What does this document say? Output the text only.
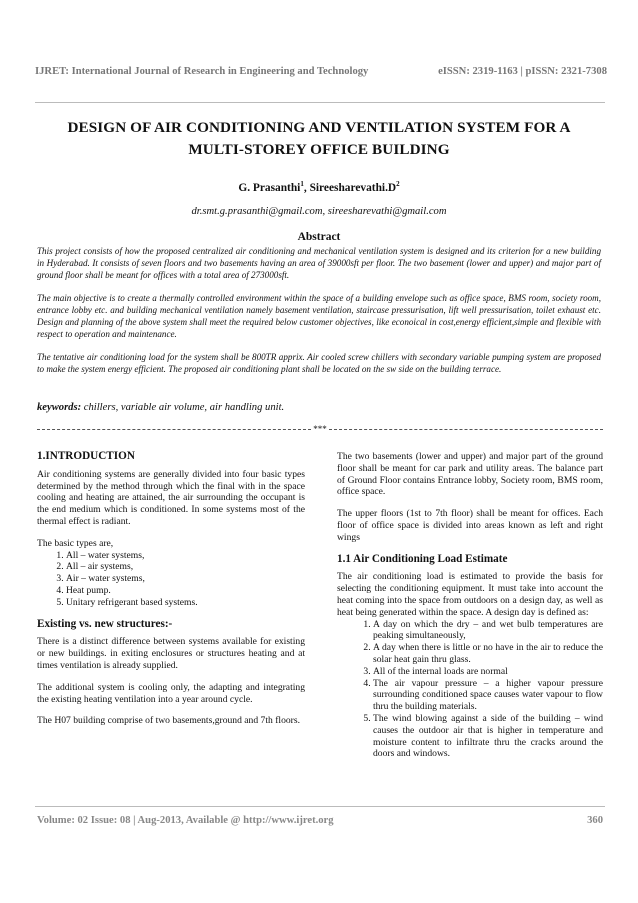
IJRET: International Journal of Research in Engineering and Technology	eISSN: 2319-1163 | pISSN: 2321-7308
DESIGN OF AIR CONDITIONING AND VENTILATION SYSTEM FOR A
MULTI-STOREY OFFICE BUILDING
G. Prasanthi$^1$, $Sireesharevathi.D^2$
dr.smt.g.prasanthi@gmail.com, sireesharevathi@gmail.com
Abstract

This project consists of how the proposed centralized air conditioning and mechanical ventilation system is designed and its criterion for a new building in Hyderabad. It consists of seven floors and two basements having an area of 39000sft per floor. The two basement (lower and upper) and major part of ground floor shall be meant for offices with a total area of 273000sft.

The main objective is to create a thermally controlled environment within the space of a building envelope such as office space, BMS room, society room, entrance lobby etc. and building mechanical ventilation namely basement ventilation, staircase pressurisation, lift well pressurisation, toilet exhaust etc. Design and planning of the above system shall meet the required below customer objectives, like econoical in cost,energy efficient,simple and flexible with respect to operation and maintenance.

The tentative air conditioning load for the system shall be 800TR apprix. Air cooled screw chillers with secondary variable pumping system are proposed to make the system energy efficient. The proposed air conditioning plant shall be located on the sw side on the building terrace.

keywords: chillers, variable air volume, air handling unit.
***
1.INTRODUCTION

Air conditioning systems are generally divided into four basic types determined by the method through which the final with in the space cooling and heating are attained, the air surrounding the occupant is the end medium which is conditioned. In some systems most of the thermal effect is radiant.

The basic types are,

1. All – water systems,
2. All – air systems,
3. Air – water systems,
4. Heat pump.
5. Unitary refrigerant based systems.
Existing vs. new structures:-

There is a distinct difference between systems available for existing or new buildings. in exiting enclosures or structures heating and at times ventilation is already supplied.

The additional system is cooling only, the adapting and integrating the existing heating ventilation into a year around cycle.

The H07 building comprise of two basements,ground and 7th floors.

The two basements (lower and upper) and major part of the ground floor shall be meant for car park and utility areas. The balance part of Ground Floor contains Entrance lobby, Society room, BMS room, office space.

The upper floors (1st to 7th floor) shall be meant for offices. Each floor of office space is divided into areas known as left and right wings

1.1 Air Conditioning Load Estimate

The air conditioning load is estimated to provide the basis for selecting the conditioning equipment. It must take into account the heat coming into the space from outdoors on a design day, as well as heat being generated within the space. A design day is defined as:

1. A day on which the dry – and wet bulb temperatures are peaking simultaneously,
2. A day when there is little or no have in the air to reduce the solar heat gain thru glass.
3. All of the internal loads are normal
4. The air vapour pressure – a higher vapour pressure surrounding conditioned space causes water vapour to flow thru the building materials.
5. The wind blowing against a side of the building – wind causes the outdoor air that is higher in temperature and moisture content to infiltrate thru the cracks around the doors and windows.
Volume: 02 Issue: 08 | Aug-2013, Available @ http://www.ijret.org	360
